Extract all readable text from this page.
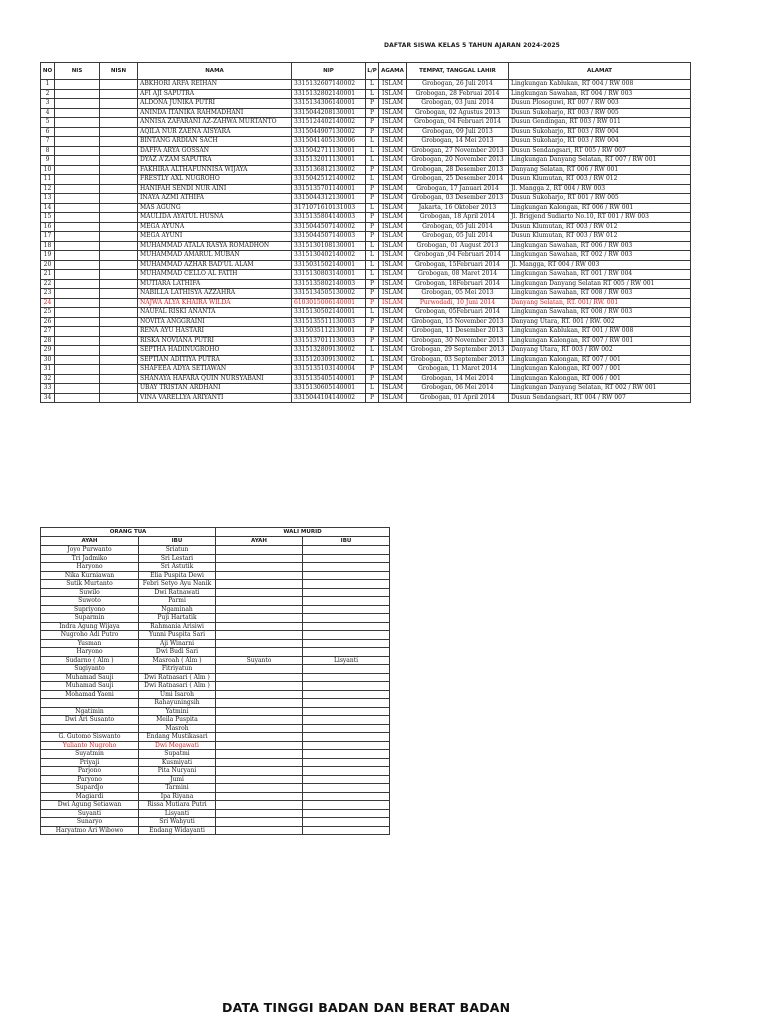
DAFTAR SISWA KELAS 5 TAHUN AJARAN 2024-2025
NO	NIS	NISN	NAMA	NIP	L/P	AGAMA	TEMPAT, TANGGAL LAHIR	ALAMAT
1			ABKHORI ARFA REIHAN	3315132607140002	L	ISLAM	Grobogan, 26 Juli 2014	Lingkungan Kablukan, RT 004 / RW 008
2			AFI AJI SAPUTRA	3315132802140001	L	ISLAM	Grobogan, 28 Februai 2014	Lingkungan Sawahan, RT 004 / RW 003
3			ALDONA JUNIKA PUTRI	3315134306140001	P	ISLAM	Grobogan, 03 Juni 2014	Dusun Plosoguwi, RT 007 / RW 003
4			ANINDA ITANIKA RAHMADHANI	3315044208130001	P	ISLAM	Grobogan, 02 Agustus 2013	Dusun Sukoharjo, RT 003 / RW 005
5			ANNISA ZAFARANI AZ-ZAHWA MURTANTO	3315124402140002	P	ISLAM	Grobogan, 04 Februari 2014	Dusun Gendingan, RT 003 / RW 011
6			AQILA NUR ZAENA AISYARA	3315044907130002	P	ISLAM	Grobogan, 09 Juli 2013	Dusun Sukoharjo, RT 003 / RW 004
7			BINTANG ARDIAN SACH	3315041405130006	L	ISLAM	Grobogan, 14 Mei 2013	Dusun Sukoharjo, RT 003 / RW 004
8			DAFFA ARYA GOSSAN	3315042711130001	L	ISLAM	Grobogan, 27 November 2013	Dusun Sendangsari, RT 005 / RW 007
9			DYAZ A'ZAM SAPUTRA	3315132011130001	L	ISLAM	Grobogan, 20 November 2013	Lingkungan Danyang Selatan, RT 007 / RW 001
10			FAKHIRA ALTHAFUNNISA WIJAYA	3315136812130002	P	ISLAM	Grobogan, 28 Desember 2013	Danyang Selatan, RT 006 / RW 001
11			FRESTLY AXL NUGROHO	3315042512140002	L	ISLAM	Grobogan, 25 Desember 2014	Dusun Klumutan, RT 003 / RW 012
12			HANIFAH SENDI NUR AINI	3315135701140001	P	ISLAM	Grobogan, 17 Januari 2014	Jl. Mangga 2, RT 004 / RW 003
13			INAYA AZMI ATHIFA	3315044312130001	P	ISLAM	Grobogan, 03 Desember 2013	Dusun Sukoharjo, RT 001 / RW 005
14			MAS AGUNG	3171071610131003	L	ISLAM	Jakarta, 16 Oktober 2013	Lingkungan Kalongan, RT 006 / RW 001
15			MAULIDA AYATUL HUSNA	3315135804140003	P	ISLAM	Grobogan, 18 April 2014	Jl. Brigjend Sudiarto No.10, RT 001 / RW 003
16			MEGA AYUNA	3315044507140002	P	ISLAM	Grobogan, 05 Juli 2014	Dusun Klumutan, RT 003 / RW 012
17			MEGA AYUNI	3315044507140003	P	ISLAM	Grobogan, 05 Juli 2014	Dusun Klumutan, RT 003 / RW 012
18			MUHAMMAD ATALA RASYA ROMADHON	3315130108130001	L	ISLAM	Grobogan, 01 August 2013	Lingkungan Sawahan, RT 006 / RW 003
19			MUHAMMAD AMARUL MUBAN	3315130402140002	L	ISLAM	Grobogan ,04 Februari 2014	Lingkungan Sawahan, RT 002 / RW 003
20			MUHAMMAD AZHAR BAD'UL ALAM	3315031502140001	L	ISLAM	Grobogan, 15Februari 2014	Jl. Mangga, RT 004 / RW 003
21			MUHAMMAD CELLO AL FATIH	3315130803140001	L	ISLAM	Grobogan, 08 Maret 2014	Lingkungan Sawahan, RT 001 / RW 004
22			MUTIARA LATHIFA	3315135802140003	P	ISLAM	Grobogan, 18Februari 2014	Lingkungan Danyang Selatan RT 005 / RW 001
23			NABILLA LATHISYA AZZAHRA	3315134505130002	P	ISLAM	Grobogan, 05 Mei 2013	Lingkungan Sawahan, RT 008 / RW 003
24			NAJWA ALYA KHAIRA WILDA	6103015006140001	P	ISLAM	Purwodadi, 10 Juni 2014	Danyang Selatan, RT. 001/ RW. 001
25			NAUFAL RISKI ANANTA	3315130502140001	L	ISLAM	Grobogan, 05Februari 2014	Lingkungan Sawahan, RT 008 / RW 003
26			NOVITA ANGGRAINI	3315135511130003	P	ISLAM	Grobogan, 15 November 2013	Danyang Utara, RT. 001 / RW. 002
27			RENA AYU HASTARI	3315035112130001	P	ISLAM	Grobogan, 11 Desember 2013	Lingkungan Kablukan, RT 001 / RW 008
28			RISKA NOVIANA PUTRI	3315137011130003	P	ISLAM	Grobogan, 30 November 2013	Lingkungan Kalongan, RT 007 / RW 001
29			SEPTHA HADINUGROHO	3315132809130002	L	ISLAM	Grobogan, 29 September 2013	Danyang Utara, RT 003 / RW 002
30			SEPTIAN ADITIYA PUTRA	3315120309130002	L	ISLAM	Grobogan, 03 September 2013	Lingkungan Kalongan, RT 007 / 001
31			SHAFEEA ADYA SETIAWAN	3315135103140004	P	ISLAM	Grobogan, 11 Maret 2014	Lingkungan Kalongan, RT 007 / 001
32			SHANAYA HAFARA QUIN NURSYABANI	3315135405140001	P	ISLAM	Grobogan, 14 Mei 2014	Lingkungan Kalongan, RT 006 / 001
33			UBAY TRISTAN ARDHANI	3315130605140001	L	ISLAM	Grobogan, 06 Mei 2014	Lingkungan Danyang Selatan, RT 002 / RW 001
34			VINA VARELLYA ARIYANTI	3315044104140002	P	ISLAM	Grobogan, 01 April 2014	Dusun Sendangsari, RT 004 / RW 007
ORANG TUA		WALI MURID	
AYAH	IBU	AYAH	IBU
Joyo Purwanto	Sriatun		
Tri Jadmiko	Sri Lestari		
Haryono	Sri Astutik		
Nika Kurniawan	Elia Puspita Dewi		
Sutik Murtanto	Febri Setyo Ayu Nanik		
Suwilo	Dwi Ratnawati		
Suwoto	Parmi		
Supriyono	Ngaminah		
Suparmin	Puji Hartatik		
Indra Agung Wijaya	Rahmania Arisiwi		
Nugroho Adi Putro	Yunni Puspita Sari		
Yusman	Aji Winarni		
Haryono	Dwi Budi Sari		
Sudarno ( Alm )	Masroah ( Alm )	Suyanto	Lisyanti
Sugiyanto	Fitriyatun		
Muhamad Sauji	Dwi Ratnasari ( Alm )		
Muhamad Sauji	Dwi Ratnasari ( Alm )		
Mohamad Yaeni	Umi Isaroh		
	Rahayuningsih		
Ngatimin	Yatmini		
Dwi Ari Susanto	Meila Puspita		
	Masroh		
G. Gutomo Siswanto	Endang Mustikasari		
Yulianto Nugroho	Dwi Megawati		
Suyatmin	Supatmi		
Priyaji	Kusmiyati		
Parjono	Pita Nuryani		
Paryono	Jumi		
Supardjo	Tarmini		
Magiardi	Ipa Riyana		
Dwi Agung Setiawan	Rissa Mutiara Putri		
Suyanti	Lisyanti		
Sunaryo	Sri Wahyuti		
Haryatmo Ari Wibowo	Endang Widayanti		
DATA TINGGI BADAN DAN BERAT BADAN
